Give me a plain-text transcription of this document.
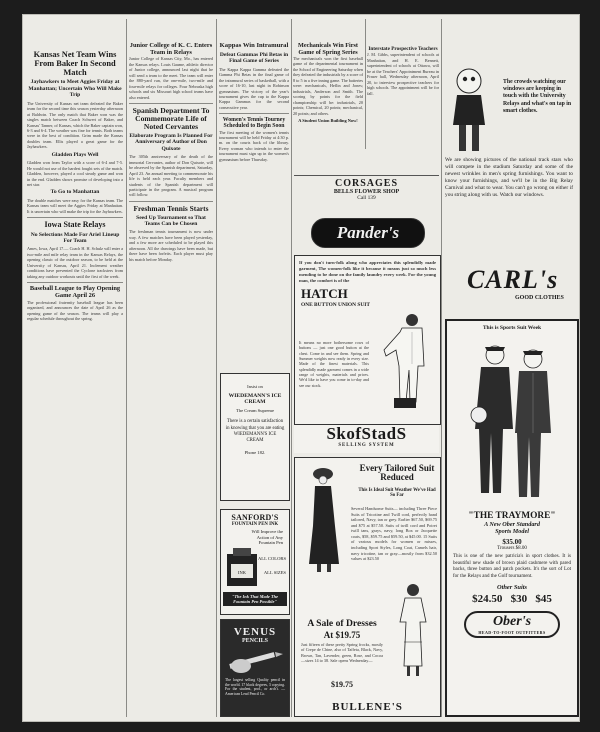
Kansas Net Team Wins From Baker In Second Match
Jayhawkers to Meet Aggies Friday at Manhattan; Uncertain Who Will Make Trip
The University of Kansas net team defeated the Baker team for the second time this season yesterday afternoon at Baldwin. The only match that Baker won was the singles match between Coach Schwert of Baker, and Kansas' Tanner, of Kansas, which the Baker captain won, 6-3 and 6-4. The weather was fine for tennis. Both teams were in the best of condition. Grim made the Kansas doubles team. Ellis played a great game for the Jayhawkers.
Gladden Plays Well
Gladden won from Taylor with a score of 6-4 and 7-5. He would not use of the hardest fought sets of the match. Gladden, however, played a cool steady game and won in the end. Gladden shows promise of developing into a net star.
To Go to Manhattan
The double matches were easy for the Kansas team. The Kansas team will meet the Aggies Friday at Manhattan. It is uncertain who will make the trip for the Jayhawkers.
Iowa State Relays
No Selections Made For Ariel Lineup For Team
Ames, Iowa, April 17.— Coach H. H. Schulz will enter a two-mile and mile relay team in the Kansas Relays, the opening classic of the outdoor season, to be held at the University of Kansas, April 21. Inclement weather conditions have prevented the Cyclone tracksters from taking any outdoor workouts until the first of the week.
Baseball League to Play Opening Game April 26
The professional fraternity baseball league has been organized, and announces the date of April 26 as the opening game of the season. The teams will play a regular schedule throughout the spring.
Junior College of K. C. Enters Team in Relays
Junior College of Kansas City, Mo., has entered the Kansas relays. Louis Gaume, athletic director of Junior college, announced last night that he will send a team to the meet. The team will enter the 880-yard run, the one-mile, two-mile and four-mile relays for colleges. Four Nebraska high schools and six Missouri high school teams have also entered.
Spanish Department To Commemorate Life of Noted Cervantes
Elaborate Program Is Planned For Anniversary of Author of Don Quixote
The 305th anniversary of the death of the immortal Cervantes, author of Don Quixote, will be observed by the Spanish department, Saturday, April 23. An annual meeting to commemorate his life is held each year. Faculty members and students of the Spanish department will participate in the program. A musical program will follow.
Freshman Tennis Starts
Seed Up Tournament so That Teams Can be Chosen
The freshman tennis tournament is now under way. A few matches have been played yesterday, and a few more are scheduled to be played this afternoon. All the drawings have been made, but there have been forfeits. Each player must play his match before Monday.
Kappas Win Intramural
Defeat Gammas Phi Betas in Final Game of Series
The Kappa Kappa Gamma defeated the Gamma Phi Betas in the final game of the intramural series of basketball, with a score of 16-10, last night in Robinson gymnasium. The victory of the year's tournament gives the cup to the Kappa Kappa Gammas for the second consecutive year.
Women's Tennis Tourney Scheduled to Begin Soon
The first meeting of the women's tennis tournament will be held Friday at 4:30 p. m. on the courts back of the library. Every woman who intends to enter the tournament must sign up in the women's gymnasium before Thursday.
Insist on
WIEDEMANN'S ICE CREAM
The Cream Supreme
There is a certain satisfaction in knowing that you are eating WIEDEMANN'S ICE CREAM
Phone 182.
SANFORD'S
FOUNTAIN PEN INK
Will Improve the Action of Any Fountain Pen
INK
ALL COLORS
ALL SIZES
"The Ink That Made The Fountain Pen Possible"
VENUS
PENCILS
The largest selling Quality pencil in the world. 17 black degrees, 3 copying. For the student, prof., or arch't. — American Lead Pencil Co.
Mechanicals Win First Game of Spring Series
The mechanicals won the first baseball game of the departmental tournament in the School of Engineering Saturday when they defeated the industrials by a score of 8 to 5 in a five inning game. The batteries were: mechanicals, Heflin and Jones; industrials, Anderson and Smith. The scoring by points for the field championship will be: industrials, 20 points; Chemical, 20 points; mechanical, 20 points; and others.
A Student Union Building Now!
Interstate Prospective Teachers
J. M. Gibbs, superintendent of schools at Manhattan, and H. E. Bennett, superintendent of schools at Ottawa, will be at the Teachers' Appointment Bureau in Fraser hall, Wednesday afternoon, April 20, to interview prospective teachers for high schools. The appointment will be for fall.
CORSAGES
BELLS FLOWER SHOP
Call 139
Pander's
If you don't turn-folk along who appreciates this splendidly made garment, The women-folk like it because it means just so much less mending to be done on the family laundry every week. For the young man, the comfort is of the
HATCH
ONE BUTTON UNION SUIT
It means no more bothersome rows of buttons — just one good button at the chest. Come in and see them. Spring and Summer weights now ready in every size. Made of the finest materials. This splendidly made garment comes in a wide range of weights, materials and prices. We'd like to have you come in to-day and see our stock.
SkofStadS
SELLING SYSTEM
Every Tailored Suit Reduced
This Is Ideal Suit Weather We've Had So Far
Several Handsome Suits— including Three Piece Suits of Tricotine and Twill cord, perfectly hand tailored, Navy, tan or grey. Earlier $67.50, $69.75 and $75 at $57.50. Suits of twill cord and Poiret twill tans, grays, navy, long Box or Jacquette coats, $58, $59.75 and $59.50, at $45.00. 15 Suits of various models for women or misses, including Sport Styles, Long Coat, Camels hair, navy tricotine, tan or gray—mostly from $32.50 values at $23.50
A Sale of Dresses
At $19.75
Just fifteen of these pretty Spring frocks, mostly of Crepe de Chine, also of Taffeta, Black, Navy, Brown, Tan, Lavender, green, Rose, and Cocoa—sizes 14 to 38. Sale opens Wednesday—
$19.75
BULLENE'S
The crowds watching our windows are keeping in touch with the University Relays and what's on tap in smart clothes.
We are showing pictures of the national track stars who will compete in the stadium Saturday and some of the newest wrinkles in men's spring furnishings. You want to know your furnishings, and we'll be in the Big Relay Carnival and what to wear. You can't go wrong on either if you string along with us. Watch our windows.
CARL's
GOOD CLOTHES
This is Sports Suit Week
"THE TRAYMORE"
A New Ober Standard
Sports Model
$35.00
Trousers $8.00
This is one of the new patricia's in sport clothes. It is beautiful new shade of brown plaid cashmere with pared backs, three button and patch pockets. It's the sort of Lot for the Relays and the Golf tournament.
Other Suits
$24.50   $30   $45
Ober's
HEAD-TO-FOOT OUTFITTERS
